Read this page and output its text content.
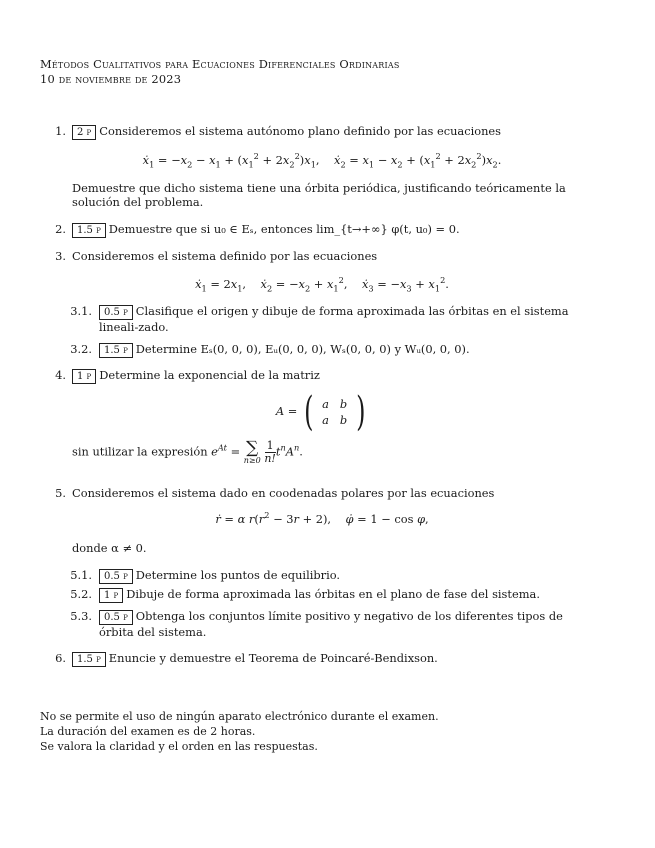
Métodos Cualitativos para Ecuaciones Diferenciales Ordinarias
10 de noviembre de 2023
1.	2 p Consideremos el sistema autónomo plano definido por las ecuaciones
ẋ$_1$ = $-x_2 - x_1 + (x_1^2 + 2x_2^2)x_1$,    ẋ$_2$ = $x_1 - x_2 + (x_1^2 + 2x_2^2)x_2$.
Demuestre que dicho sistema tiene una órbita periódica, justificando teóricamente la solución del problema.
2.	1.5 p Demuestre que si u₀ ∈ Eₛ, entonces lim_{t→+∞} φ(t, u₀) = 0.
3. Consideremos el sistema definido por las ecuaciones
ẋ$_1$ = $2x_1$,    ẋ$_2$ = $-x_2 + x_1^2$,    ẋ$_3$ = $-x_3 + x_1^2$.
3.1.	0.5 p Clasifique el origen y dibuje de forma aproximada las órbitas en el sistema lineali-zado.
3.2.	1.5 p Determine Eₛ(0, 0, 0), Eᵤ(0, 0, 0), Wₛ(0, 0, 0) y Wᵤ(0, 0, 0).
4.	1 p Determine la exponencial de la matriz
A = ( a b
a b )
sin utilizar la expresión $e^{At}$ = ∑
n≥0
$\frac{1}{n!} t^nA^n$.
5. Consideremos el sistema dado en coodenadas polares por las ecuaciones
ṙ = α $r(r^2 - 3r + 2)$,    φ̇ = 1 − cos φ,
donde α ≠ 0.
5.1.	0.5 p Determine los puntos de equilibrio.
5.2.	1 p Dibuje de forma aproximada las órbitas en el plano de fase del sistema.
5.3.	0.5 p Obtenga los conjuntos límite positivo y negativo de los diferentes tipos de órbita del sistema.
6.	1.5 p Enuncie y demuestre el Teorema de Poincaré-Bendixson.
No se permite el uso de ningún aparato electrónico durante el examen.
La duración del examen es de 2 horas.
Se valora la claridad y el orden en las respuestas.
